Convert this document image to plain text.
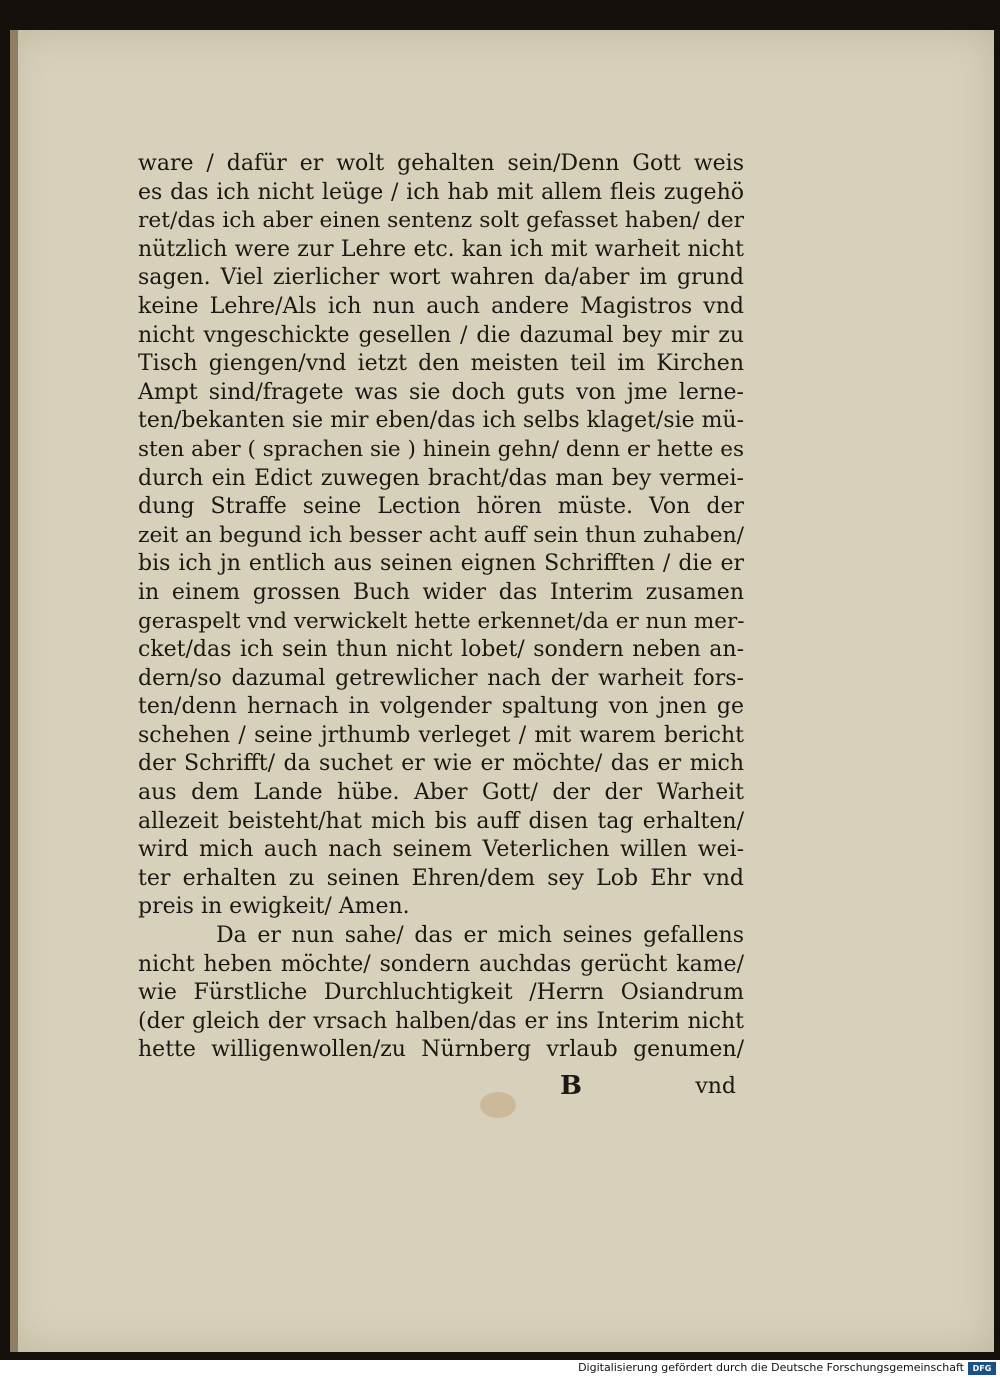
ware / dafür er wolt gehalten sein/Denn Gott weis
es das ich nicht leüge / ich hab mit allem fleis zugehö
ret/das ich aber einen sentenz solt gefasset haben/ der
nützlich were zur Lehre etc. kan ich mit warheit nicht
sagen. Viel zierlicher wort wahren da/aber im grund
keine Lehre/Als ich nun auch andere Magistros vnd
nicht vngeschickte gesellen / die dazumal bey mir zu
Tisch giengen/vnd ietzt den meisten teil im Kirchen
Ampt sind/fragete was sie doch guts von jme lerne-
ten/bekanten sie mir eben/das ich selbs klaget/sie mü-
sten aber ( sprachen sie ) hinein gehn/ denn er hette es
durch ein Edict zuwegen bracht/das man bey vermei-
dung Straffe seine Lection hören müste. Von der
zeit an begund ich besser acht auff sein thun zuhaben/
bis ich jn entlich aus seinen eignen Schrifften / die er
in einem grossen Buch wider das Interim zusamen
geraspelt vnd verwickelt hette erkennet/da er nun mer-
cket/das ich sein thun nicht lobet/ sondern neben an-
dern/so dazumal getrewlicher nach der warheit fors-
ten/denn hernach in volgender spaltung von jnen ge
schehen / seine jrthumb verleget / mit warem bericht
der Schrifft/ da suchet er wie er möchte/ das er mich
aus dem Lande hübe. Aber Gott/ der der Warheit
allezeit beisteht/hat mich bis auff disen tag erhalten/
wird mich auch nach seinem Veterlichen willen wei-
ter erhalten zu seinen Ehren/dem sey Lob Ehr vnd
preis in ewigkeit/ Amen.
Da er nun sahe/ das er mich seines gefallens
nicht heben möchte/ sondern auchdas gerücht kame/
wie Fürstliche Durchluchtigkeit /Herrn Osiandrum
(der gleich der vrsach halben/das er ins Interim nicht
hette willigenwollen/zu Nürnberg vrlaub genumen/
B	vnd
Digitalisierung gefördert durch die Deutsche Forschungsgemeinschaft	DFG
